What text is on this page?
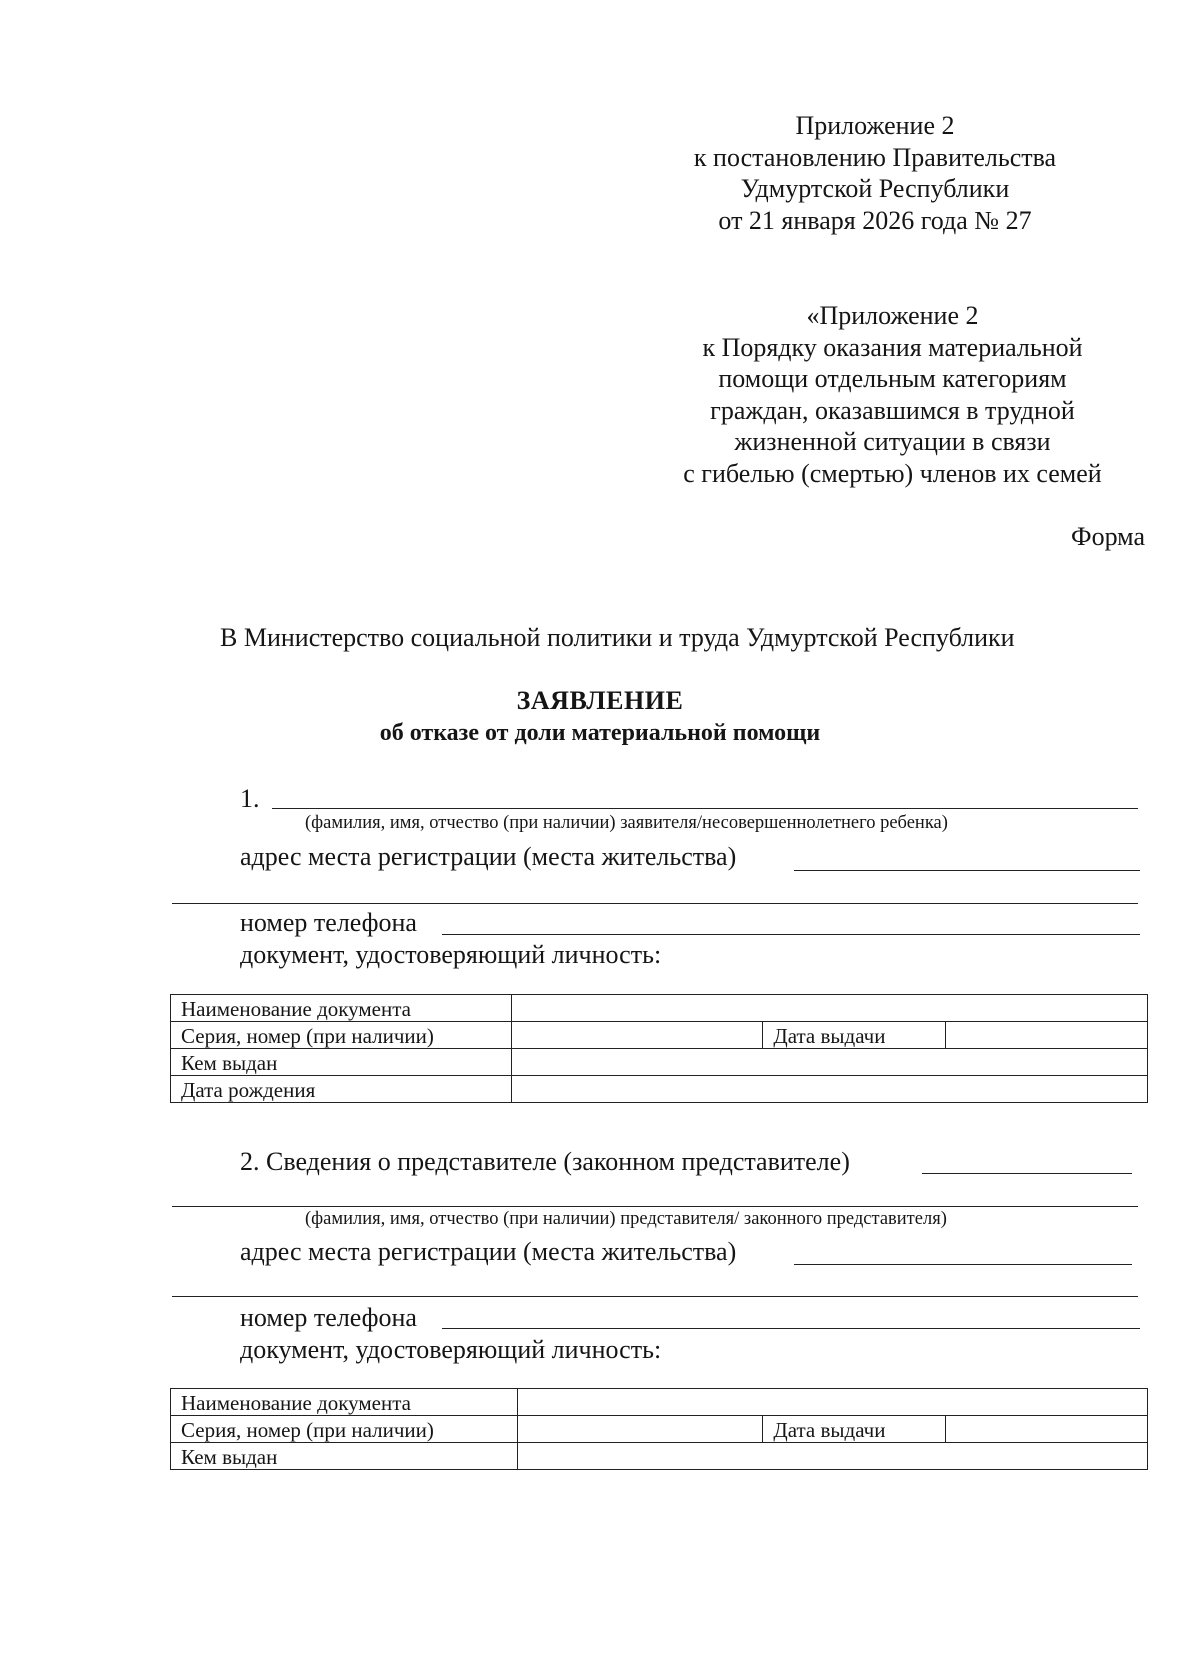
Приложение 2
к постановлению Правительства
Удмуртской Республики
от 21 января 2026 года № 27
«Приложение 2
к Порядку оказания материальной
помощи отдельным категориям
граждан, оказавшимся в трудной
жизненной ситуации в связи
с гибелью (смертью) членов их семей
Форма
В Министерство социальной политики и труда Удмуртской Республики
ЗАЯВЛЕНИЕ
об отказе от доли материальной помощи
1.
(фамилия, имя, отчество (при наличии) заявителя/несовершеннолетнего ребенка)
адрес места регистрации (места жительства)
номер телефона
документ, удостоверяющий личность:
Наименование документа			
Серия, номер (при наличии)		Дата выдачи	
Кем выдан			
Дата рождения			
2. Сведения о представителе (законном представителе)
(фамилия, имя, отчество (при наличии) представителя/ законного представителя)
адрес места регистрации (места жительства)
номер телефона
документ, удостоверяющий личность:
Наименование документа			
Серия, номер (при наличии)		Дата выдачи	
Кем выдан			
